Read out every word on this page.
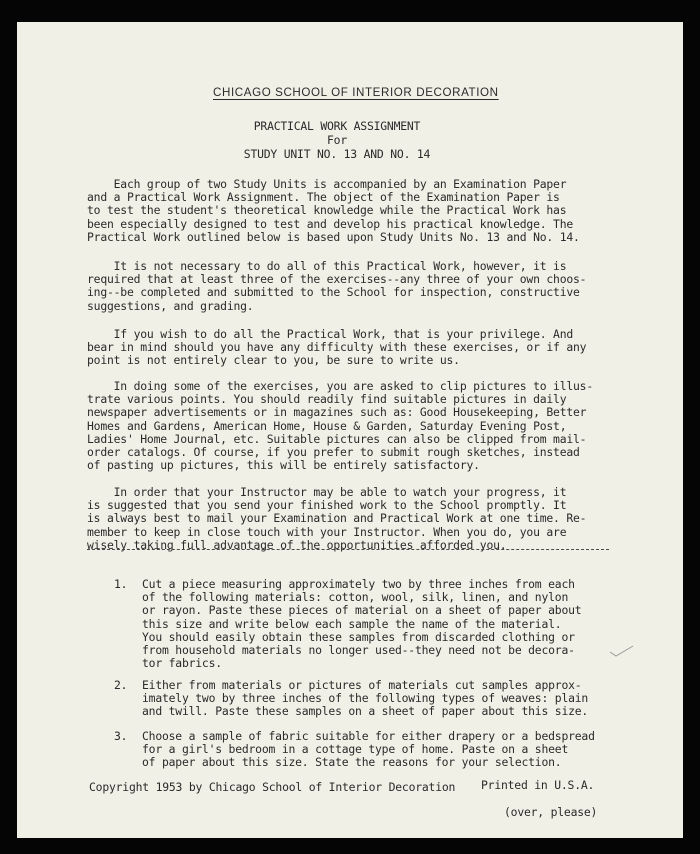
CHICAGO SCHOOL OF INTERIOR DECORATION
PRACTICAL WORK ASSIGNMENT
For
STUDY UNIT NO. 13 AND NO. 14
Each group of two Study Units is accompanied by an Examination Paper
and a Practical Work Assignment. The object of the Examination Paper is
to test the student's theoretical knowledge while the Practical Work has
been especially designed to test and develop his practical knowledge. The
Practical Work outlined below is based upon Study Units No. 13 and No. 14.
It is not necessary to do all of this Practical Work, however, it is
required that at least three of the exercises--any three of your own choos-
ing--be completed and submitted to the School for inspection, constructive
suggestions, and grading.
If you wish to do all the Practical Work, that is your privilege. And
bear in mind should you have any difficulty with these exercises, or if any
point is not entirely clear to you, be sure to write us.
In doing some of the exercises, you are asked to clip pictures to illus-
trate various points. You should readily find suitable pictures in daily
newspaper advertisements or in magazines such as: Good Housekeeping, Better
Homes and Gardens, American Home, House & Garden, Saturday Evening Post,
Ladies' Home Journal, etc. Suitable pictures can also be clipped from mail-
order catalogs. Of course, if you prefer to submit rough sketches, instead
of pasting up pictures, this will be entirely satisfactory.
In order that your Instructor may be able to watch your progress, it
is suggested that you send your finished work to the School promptly. It
is always best to mail your Examination and Practical Work at one time. Re-
member to keep in close touch with your Instructor. When you do, you are
wisely taking full advantage of the opportunities afforded you.
1. Cut a piece measuring approximately two by three inches from each
of the following materials: cotton, wool, silk, linen, and nylon
or rayon. Paste these pieces of material on a sheet of paper about
this size and write below each sample the name of the material.
You should easily obtain these samples from discarded clothing or
from household materials no longer used--they need not be decora-
tor fabrics.
2. Either from materials or pictures of materials cut samples approx-
imately two by three inches of the following types of weaves: plain
and twill. Paste these samples on a sheet of paper about this size.
3. Choose a sample of fabric suitable for either drapery or a bedspread
for a girl's bedroom in a cottage type of home. Paste on a sheet
of paper about this size. State the reasons for your selection.
Copyright 1953 by Chicago School of Interior Decoration Printed in U.S.A.
(over, please)
